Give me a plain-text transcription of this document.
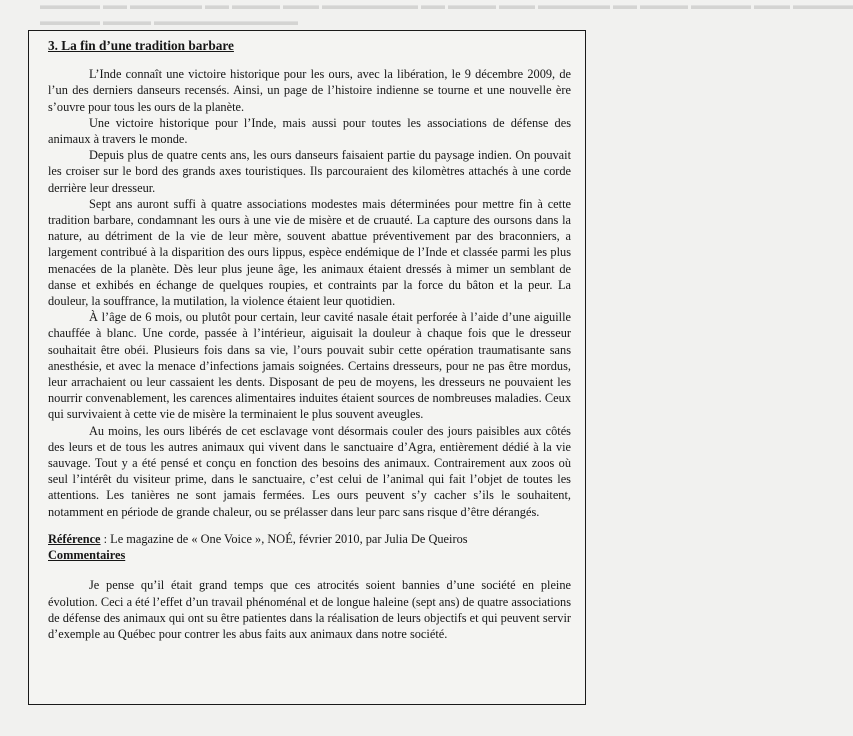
▬▬▬▬▬ ▬▬ ▬▬▬▬▬▬ ▬▬ ▬▬▬▬ ▬▬▬ ▬▬▬▬▬▬▬▬ ▬▬ ▬▬▬▬ ▬▬▬ ▬▬▬▬▬▬ ▬▬ ▬▬▬▬ ▬▬▬▬▬ ▬▬▬ ▬▬▬▬▬
▬▬▬▬▬ ▬▬▬▬ ▬▬▬▬▬▬▬▬▬▬▬▬
3. La fin d’une tradition barbare

L’Inde connaît une victoire historique pour les ours, avec la libération, le 9 décembre 2009, de l’un des derniers danseurs recensés. Ainsi, un page de l’histoire indienne se tourne et une nouvelle ère s’ouvre pour tous les ours de la planète.

Une victoire historique pour l’Inde, mais aussi pour toutes les associations de défense des animaux à travers le monde.

Depuis plus de quatre cents ans, les ours danseurs faisaient partie du paysage indien. On pouvait les croiser sur le bord des grands axes touristiques. Ils parcouraient des kilomètres attachés à une corde derrière leur dresseur.

Sept ans auront suffi à quatre associations modestes mais déterminées pour mettre fin à cette tradition barbare, condamnant les ours à une vie de misère et de cruauté. La capture des oursons dans la nature, au détriment de la vie de leur mère, souvent abattue préventivement par des braconniers, a largement contribué à la disparition des ours lippus, espèce endémique de l’Inde et classée parmi les plus menacées de la planète. Dès leur plus jeune âge, les animaux étaient dressés à mimer un semblant de danse et exhibés en échange de quelques roupies, et contraints par la force du bâton et la peur. La douleur, la souffrance, la mutilation, la violence étaient leur quotidien.

À l’âge de 6 mois, ou plutôt pour certain, leur cavité nasale était perforée à l’aide d’une aiguille chauffée à blanc. Une corde, passée à l’intérieur, aiguisait la douleur à chaque fois que le dresseur souhaitait être obéi. Plusieurs fois dans sa vie, l’ours pouvait subir cette opération traumatisante sans anesthésie, et avec la menace d’infections jamais soignées. Certains dresseurs, pour ne pas être mordus, leur arrachaient ou leur cassaient les dents. Disposant de peu de moyens, les dresseurs ne pouvaient les nourrir convenablement, les carences alimentaires induites étaient sources de nombreuses maladies. Ceux qui survivaient à cette vie de misère la terminaient le plus souvent aveugles.

Au moins, les ours libérés de cet esclavage vont désormais couler des jours paisibles aux côtés des leurs et de tous les autres animaux qui vivent dans le sanctuaire d’Agra, entièrement dédié à la vie sauvage. Tout y a été pensé et conçu en fonction des besoins des animaux. Contrairement aux zoos où seul l’intérêt du visiteur prime, dans le sanctuaire, c’est celui de l’animal qui fait l’objet de toutes les attentions. Les tanières ne sont jamais fermées. Les ours peuvent s’y cacher s’ils le souhaitent, notamment en période de grande chaleur, ou se prélasser dans leur parc sans risque d’être dérangés.

Référence : Le magazine de « One Voice », NOÉ, février 2010, par Julia De Queiros

Commentaires

Je pense qu’il était grand temps que ces atrocités soient bannies d’une société en pleine évolution. Ceci a été l’effet d’un travail phénoménal et de longue haleine (sept ans) de quatre associations de défense des animaux qui ont su être patientes dans la réalisation de leurs objectifs et qui peuvent servir d’exemple au Québec pour contrer les abus faits aux animaux dans notre société.
